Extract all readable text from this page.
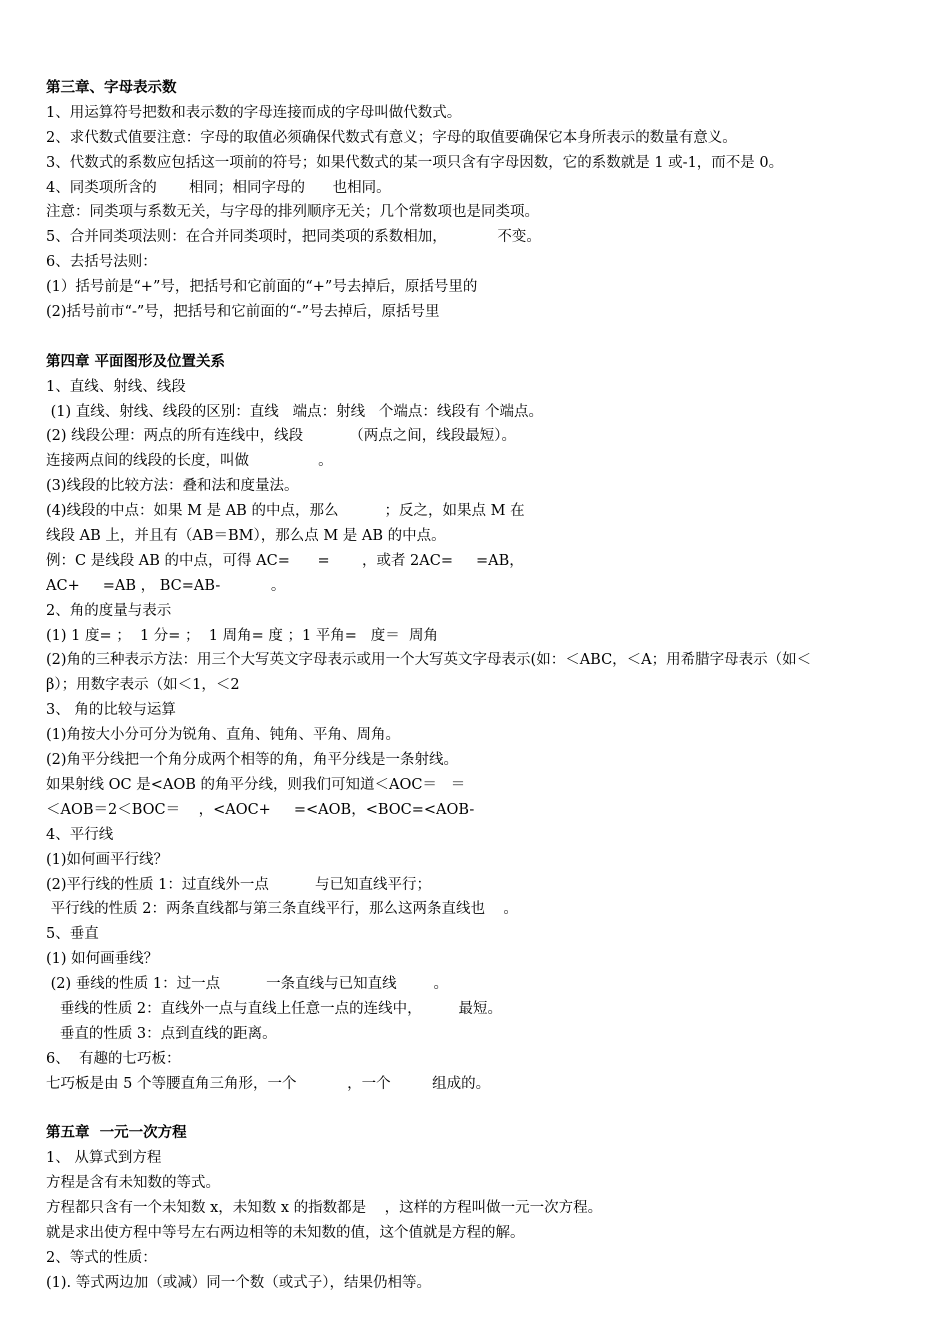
第三章、字母表示数
1、用运算符号把数和表示数的字母连接而成的字母叫做代数式。
2、求代数式值要注意：字母的取值必须确保代数式有意义；字母的取值要确保它本身所表示的数量有意义。
3、代数式的系数应包括这一项前的符号；如果代数式的某一项只含有字母因数，它的系数就是 1 或-1，而不是 0。
4、同类项所含的       相同；相同字母的      也相同。
注意：同类项与系数无关，与字母的排列顺序无关；几个常数项也是同类项。
5、合并同类项法则：在合并同类项时，把同类项的系数相加，           不变。
6、去括号法则：
(1）括号前是“+”号，把括号和它前面的“+”号去掉后，原括号里的
(2)括号前市“-”号，把括号和它前面的“-”号去掉后，原括号里
第四章 平面图形及位置关系
1、直线、射线、线段
(1) 直线、射线、线段的区别：直线   端点：射线   个端点：线段有 个端点。
(2) 线段公理：两点的所有连线中，线段          （两点之间，线段最短）。
连接两点间的线段的长度，叫做               。
(3)线段的比较方法：叠和法和度量法。
(4)线段的中点：如果 M 是 AB 的中点，那么          ；反之，如果点 M 在
线段 AB 上，并且有（AB＝BM），那么点 M 是 AB 的中点。
例：C 是线段 AB 的中点，可得 AC=      =       ，或者 2AC=     =AB，
AC+     =AB ， BC=AB-           。
2、角的度量与表示
(1) 1 度= ；  1 分= ；  1 周角= 度 ；1 平角=   度＝  周角
(2)角的三种表示方法：用三个大写英文字母表示或用一个大写英文字母表示(如：＜ABC，＜A；用希腊字母表示（如＜
β）；用数字表示（如＜1，＜2
3、 角的比较与运算
(1)角按大小分可分为锐角、直角、钝角、平角、周角。
(2)角平分线把一个角分成两个相等的角，角平分线是一条射线。
如果射线 OC 是<AOB 的角平分线，则我们可知道＜AOC＝   ＝
＜AOB＝2＜BOC＝    ，<AOC+     =<AOB，<BOC=<AOB-
4、平行线
(1)如何画平行线？
(2)平行线的性质 1：过直线外一点          与已知直线平行；
平行线的性质 2：两条直线都与第三条直线平行，那么这两条直线也    。
5、垂直
(1) 如何画垂线？
(2) 垂线的性质 1：过一点          一条直线与已知直线        。
垂线的性质 2：直线外一点与直线上任意一点的连线中，        最短。
垂直的性质 3：点到直线的距离。
6、  有趣的七巧板：
七巧板是由 5 个等腰直角三角形，一个           ，一个         组成的。
第五章  一元一次方程
1、 从算式到方程
方程是含有未知数的等式。
方程都只含有一个未知数 x，未知数 x 的指数都是    ，这样的方程叫做一元一次方程。
就是求出使方程中等号左右两边相等的未知数的值，这个值就是方程的解。
2、等式的性质：
(1). 等式两边加（或减）同一个数（或式子），结果仍相等。
